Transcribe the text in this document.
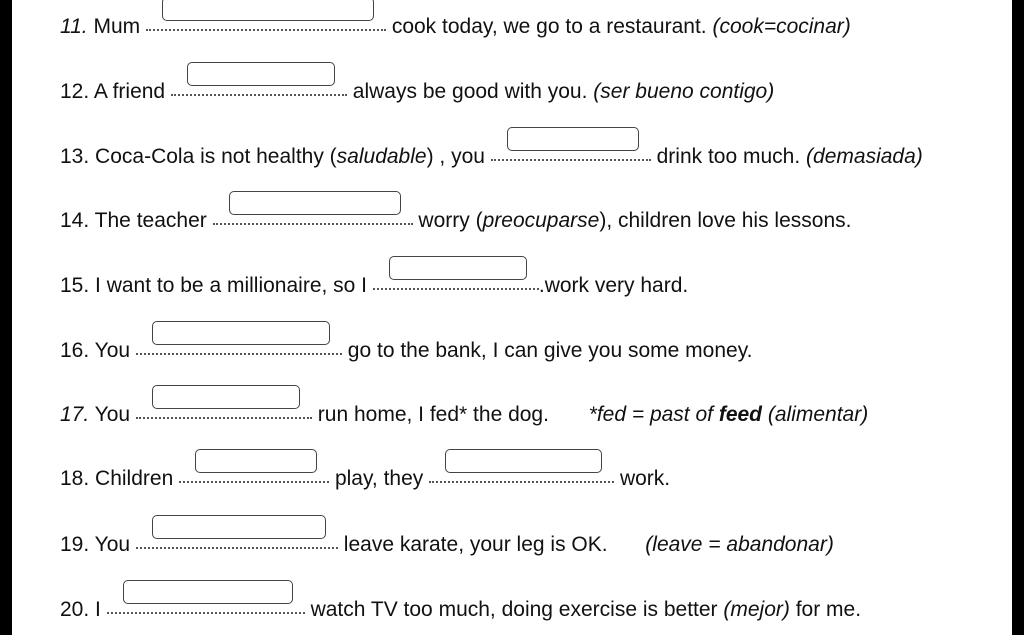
11. Mum	cook today, we go to a restaurant. (cook=cocinar)
12. A friend	always be good with you. (ser bueno contigo)
13. Coca-Cola is not healthy (saludable) , you	drink too much. (demasiada)
14. The teacher	worry (preocuparse), children love his lessons.
15. I want to be a millionaire, so I	.work very hard.
16. You	go to the bank, I can give you some money.
17. You	run home, I fed* the dog. *fed = past of feed (alimentar)
18. Children	play, they	work.
19. You	leave karate, your leg is OK. (leave = abandonar)
20. I	watch TV too much, doing exercise is better (mejor) for me.
